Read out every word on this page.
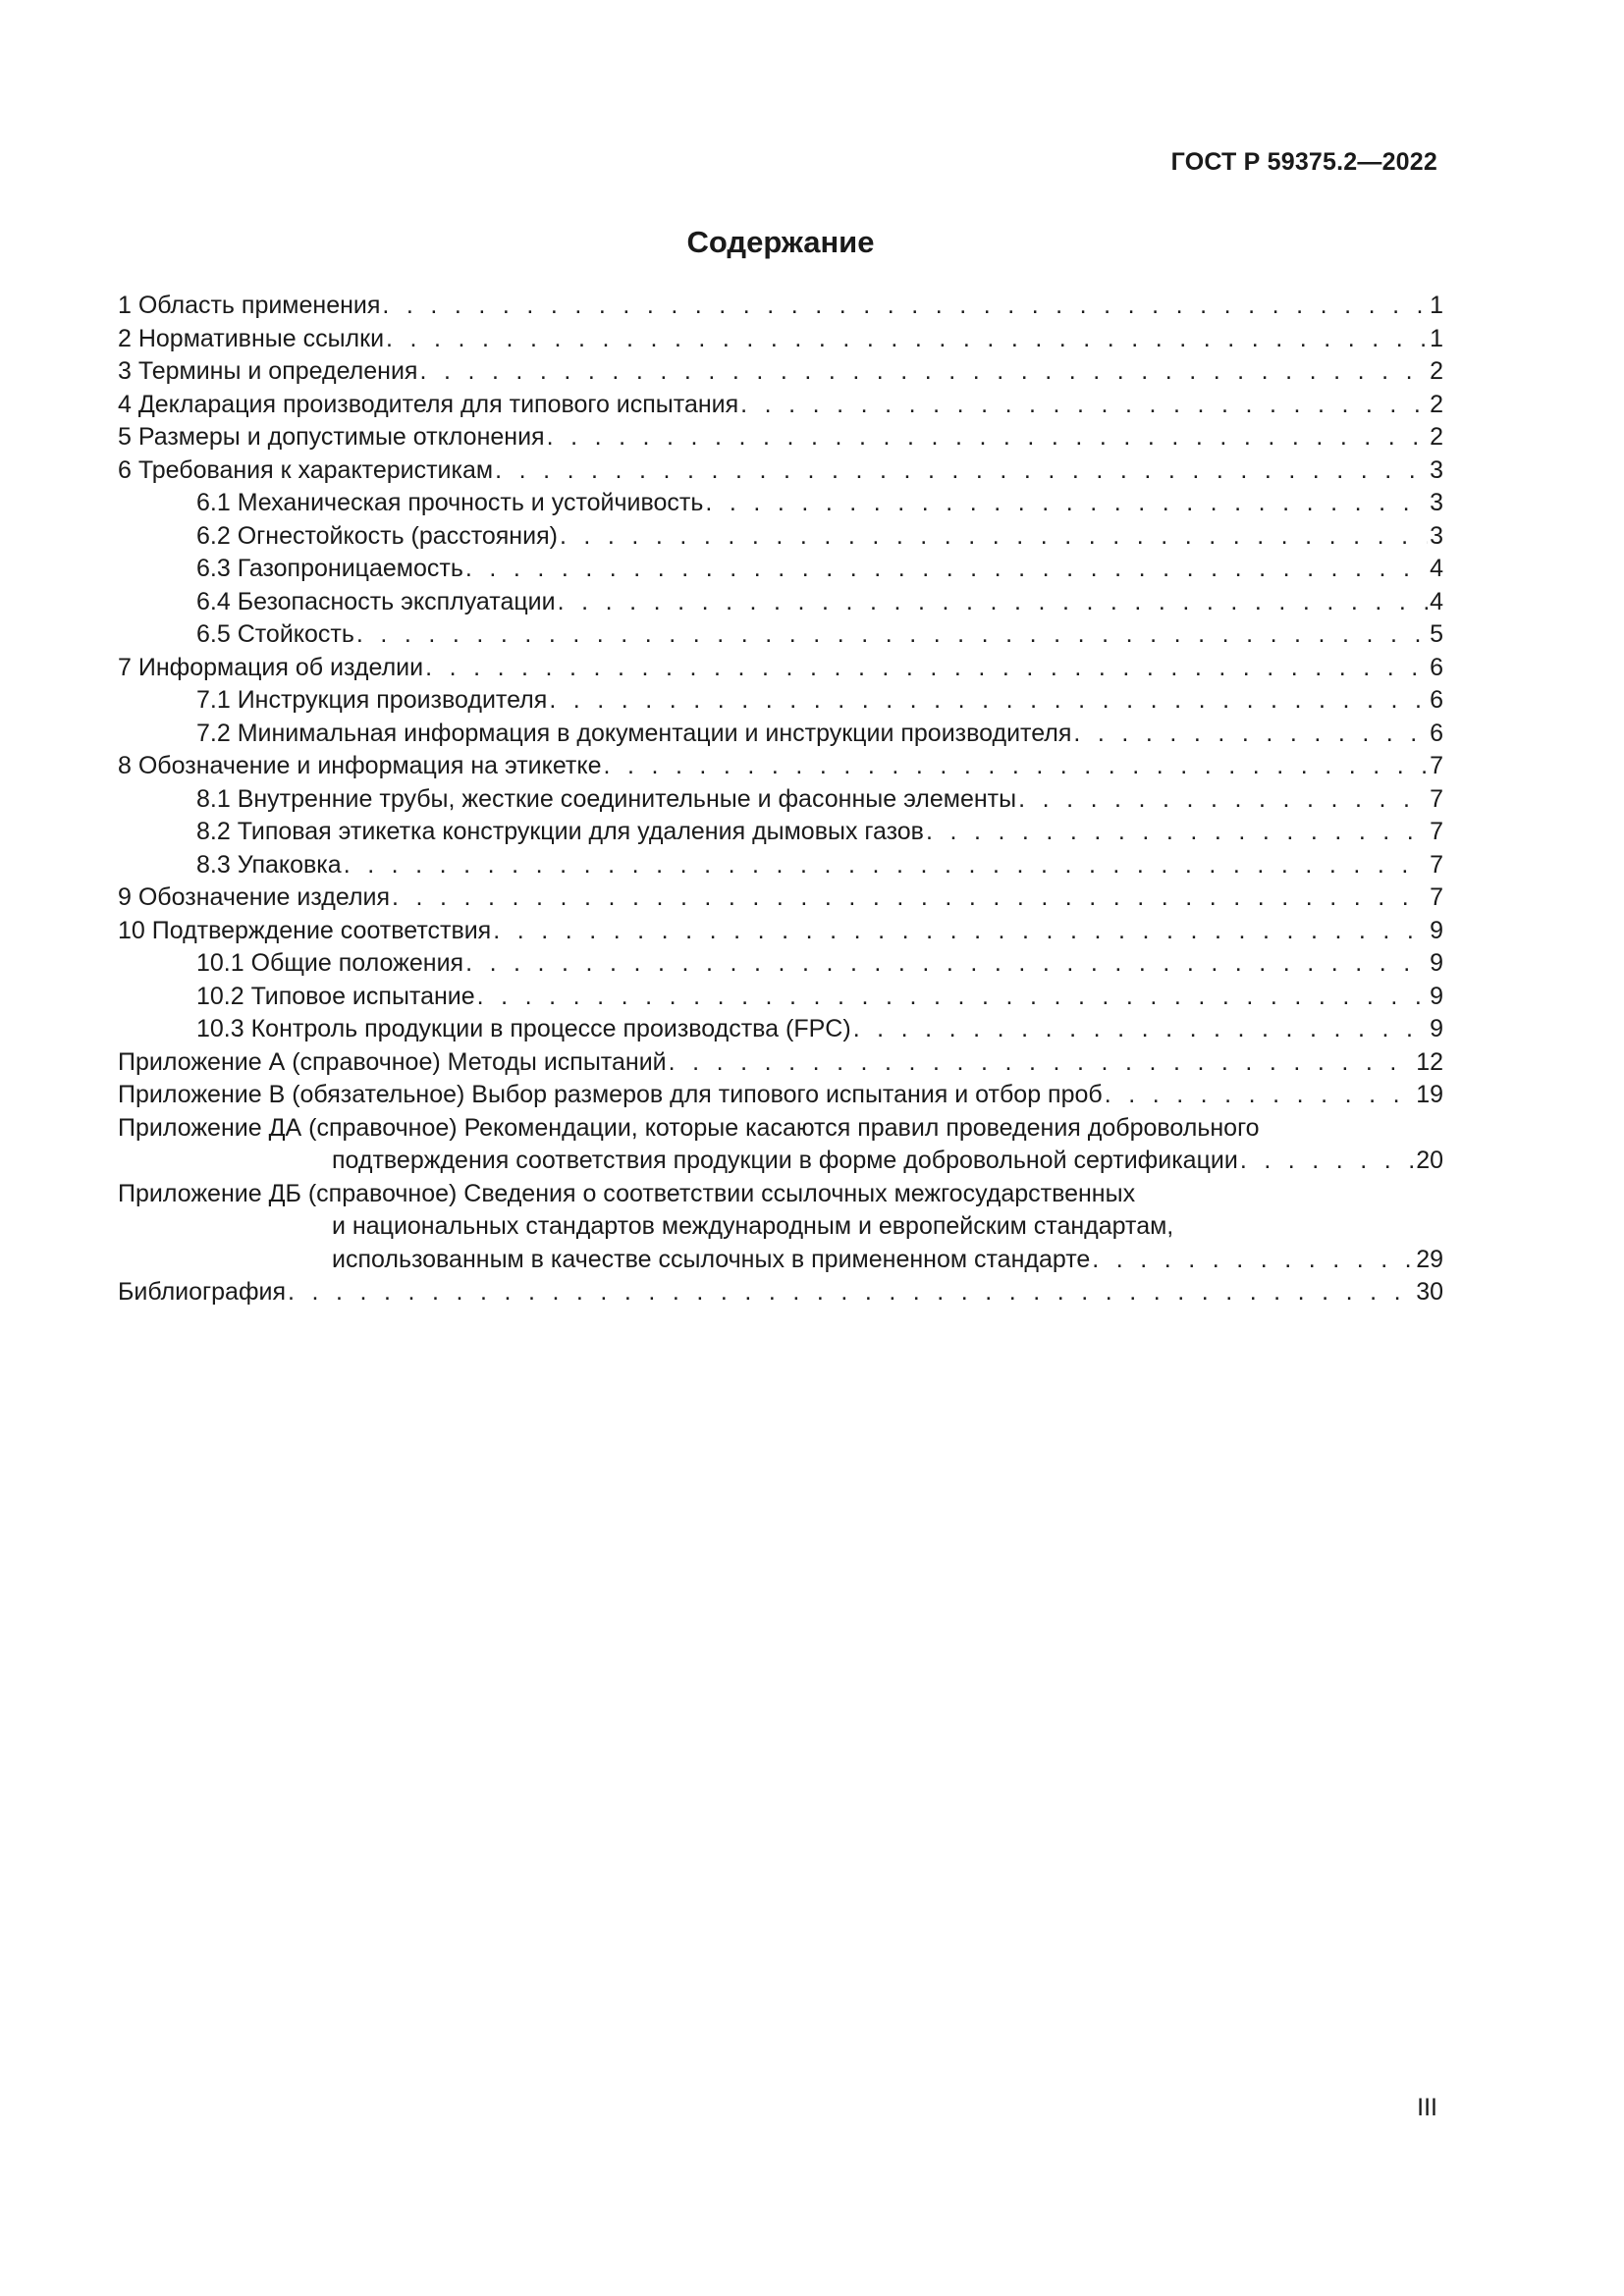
ГОСТ Р 59375.2—2022
Содержание
1 Область применения . . .	1
2 Нормативные ссылки . . .	1
3 Термины и определения . . .	2
4 Декларация производителя для типового испытания . . .	2
5 Размеры и допустимые отклонения . . .	2
6 Требования к характеристикам . . .	3
6.1 Механическая прочность и устойчивость . . .	3
6.2 Огнестойкость (расстояния) . . .	3
6.3 Газопроницаемость . . .	4
6.4 Безопасность эксплуатации . . .	4
6.5 Стойкость . . .	5
7 Информация об изделии . . .	6
7.1 Инструкция производителя . . .	6
7.2 Минимальная информация в документации и инструкции производителя . . .	6
8 Обозначение и информация на этикетке . . .	7
8.1 Внутренние трубы, жесткие соединительные и фасонные элементы . . .	7
8.2 Типовая этикетка конструкции для удаления дымовых газов . . .	7
8.3 Упаковка . . .	7
9 Обозначение изделия . . .	7
10 Подтверждение соответствия . . .	9
10.1 Общие положения . . .	9
10.2 Типовое испытание . . .	9
10.3 Контроль продукции в процессе производства (FPC) . . .	9
Приложение А (справочное) Методы испытаний . . .	12
Приложение В (обязательное) Выбор размеров для типового испытания и отбор проб . . .	19
Приложение ДА (справочное) Рекомендации, которые касаются правил проведения добровольного
подтверждения соответствия продукции в форме добровольной сертификации . . .	20
Приложение ДБ (справочное) Сведения о соответствии ссылочных межгосударственных
и национальных стандартов международным и европейским стандартам,
использованным в качестве ссылочных в примененном стандарте . . .	29
Библиография . . .	30
III
